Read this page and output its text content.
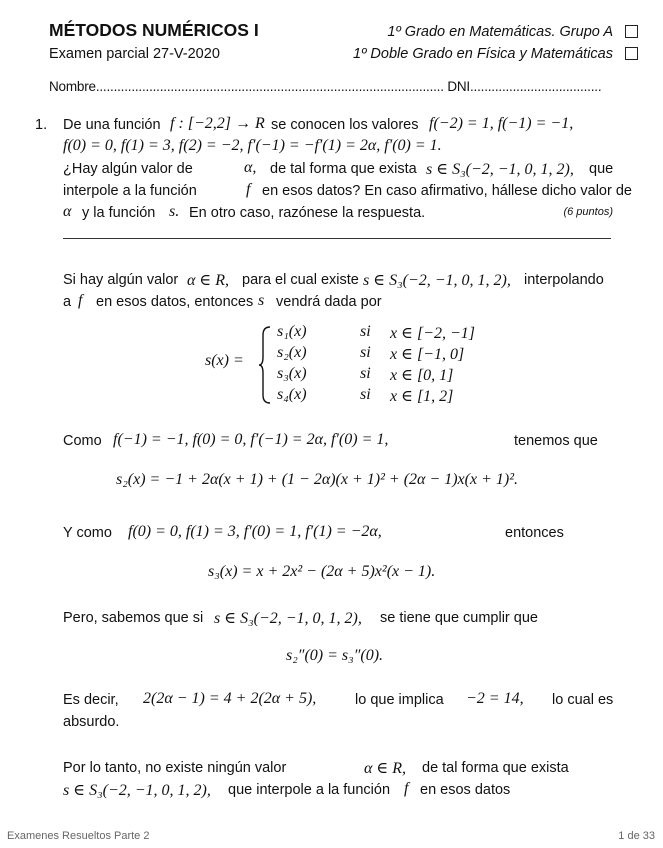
MÉTODOS NUMÉRICOS I
Examen parcial 27-V-2020
1º Grado en Matemáticas. Grupo A
1º Doble Grado en Física y Matemáticas
Nombre.................................................................................................. DNI.....................................
1. De una función f : [−2,2] → R se conocen los valores f(−2) = 1, f(−1) = −1,
f(0) = 0, f(1) = 3, f(2) = −2, f′(−1) = −f′(1) = 2α, f′(0) = 1.
¿Hay algún valor de	α, de tal forma que exista s ∈ S₃(−2, −1, 0, 1, 2), que
interpole a la función	f en esos datos? En caso afirmativo, hállese dicho valor de
α y la función s. En otro caso, razónese la respuesta.	(6 puntos)
Si hay algún valor α ∈ R, para el cual existe s ∈ S₃(−2, −1, 0, 1, 2), interpolando
a f en esos datos, entonces s vendrá dada por
s(x) =
s₁(x)	si x ∈ [−2, −1]
s₂(x)	si x ∈ [−1, 0]
s₃(x)	si x ∈ [0, 1]
s₄(x)	si x ∈ [1, 2]
Como f(−1) = −1, f(0) = 0, f′(−1) = 2α, f′(0) = 1,	tenemos que
s₂(x) = −1 + 2α(x + 1) + (1 − 2α)(x + 1)² + (2α − 1)x(x + 1)².
Y como f(0) = 0, f(1) = 3, f′(0) = 1, f′(1) = −2α,	entonces
s₃(x) = x + 2x² − (2α + 5)x²(x − 1).
Pero, sabemos que si s ∈ S₃(−2, −1, 0, 1, 2), se tiene que cumplir que
s₂″(0) = s₃″(0).
Es decir, 2(2α − 1) = 4 + 2(2α + 5),	lo que implica −2 = 14, lo cual es
absurdo.
Por lo tanto, no existe ningún valor	α ∈ R, de tal forma que exista
s ∈ S₃(−2, −1, 0, 1, 2), que interpole a la función f en esos datos
Examenes Resueltos Parte 2	1 de 33
